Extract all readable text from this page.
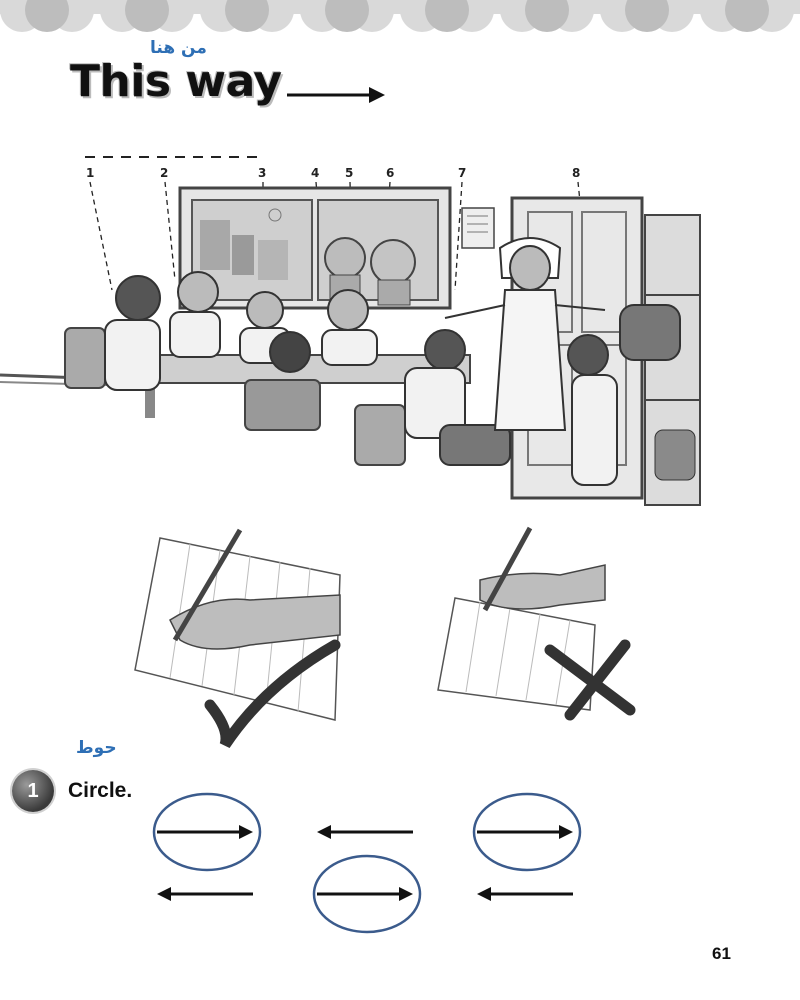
من هنا
This way
1	2	3	4 5	6	7	8
حوط
1	Circle.
61
